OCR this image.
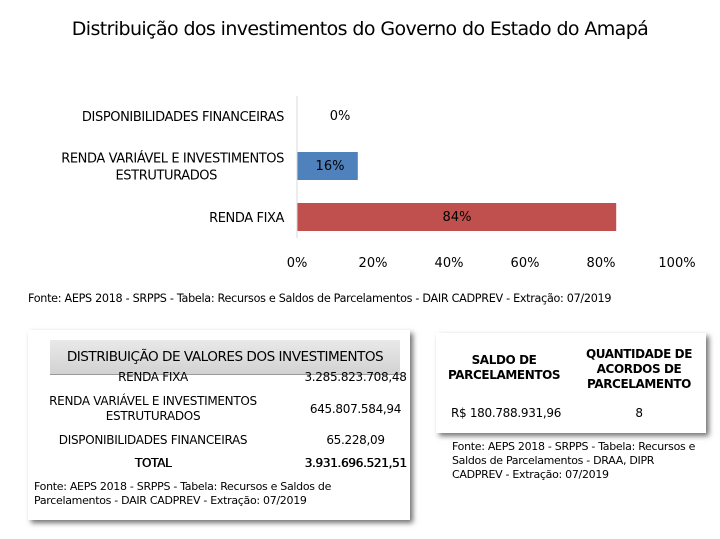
Distribuição dos investimentos do Governo do Estado do Amapá
DISPONIBILIDADES FINANCEIRAS
RENDA VARIÁVEL E INVESTIMENTOS ESTRUTURADOS
RENDA FIXA
0%
16%
84%
0%	20%	40%	60%	80%	100%
Fonte: AEPS 2018 - SRPPS - Tabela: Recursos e Saldos de Parcelamentos - DAIR CADPREV - Extração: 07/2019
DISTRIBUIÇÃO DE VALORES DOS INVESTIMENTOS
RENDA FIXA	3.285.823.708,48
RENDA VARIÁVEL E INVESTIMENTOS ESTRUTURADOS	645.807.584,94
DISPONIBILIDADES FINANCEIRAS	65.228,09
TOTAL	3.931.696.521,51
Fonte: AEPS 2018 - SRPPS - Tabela: Recursos e Saldos de Parcelamentos - DAIR CADPREV - Extração: 07/2019
SALDO DE PARCELAMENTOS
QUANTIDADE DE ACORDOS DE PARCELAMENTO
R$ 180.788.931,96	8
Fonte: AEPS 2018 - SRPPS - Tabela: Recursos e Saldos de Parcelamentos - DRAA, DIPR CADPREV - Extração: 07/2019
